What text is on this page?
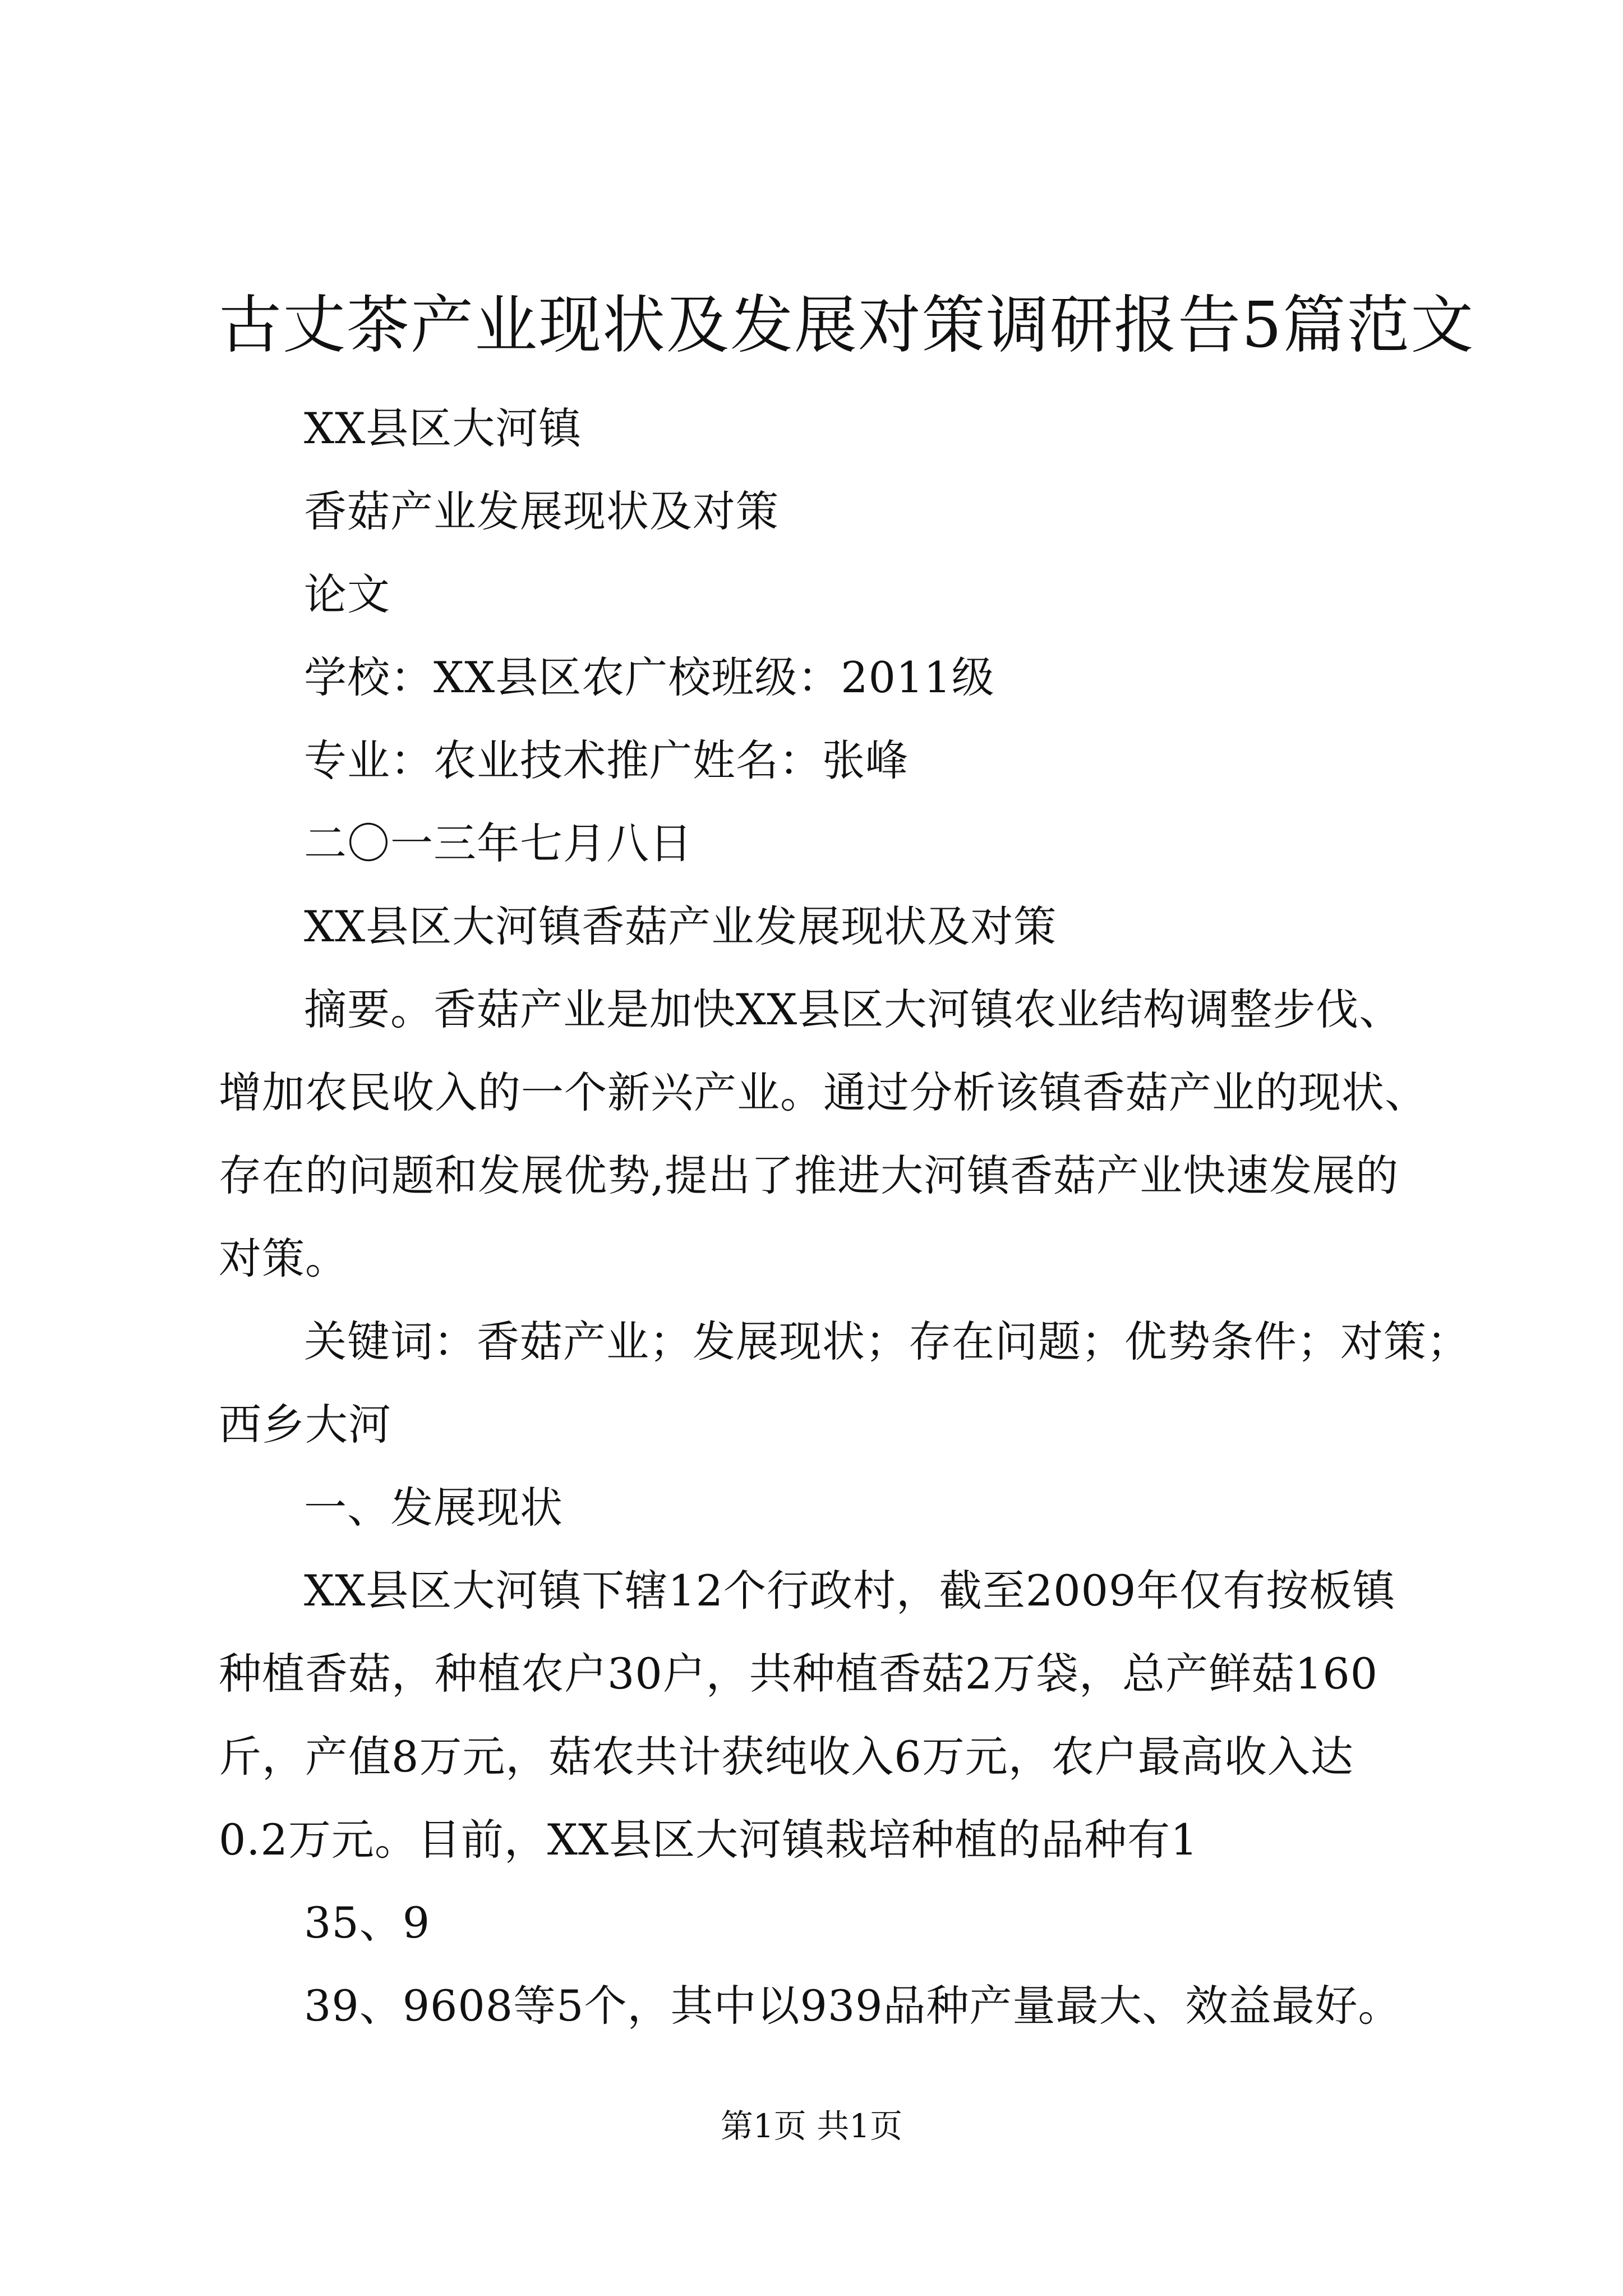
古丈茶产业现状及发展对策调研报告5篇范文

XX县区大河镇

香菇产业发展现状及对策

论文

学校：XX县区农广校班级：2011级

专业：农业技术推广姓名：张峰

二〇一三年七月八日

XX县区大河镇香菇产业发展现状及对策

摘要。香菇产业是加快XX县区大河镇农业结构调整步伐、
增加农民收入的一个新兴产业。通过分析该镇香菇产业的现状、
存在的问题和发展优势,提出了推进大河镇香菇产业快速发展的
对策。
关键词：香菇产业；发展现状；存在问题；优势条件；对策；
西乡大河

一、发展现状

XX县区大河镇下辖12个行政村，截至2009年仅有按板镇
种植香菇，种植农户30户，共种植香菇2万袋，总产鲜菇160
斤，产值8万元，菇农共计获纯收入6万元，农户最高收入达
0.2万元。目前，XX县区大河镇栽培种植的品种有1

35、9

39、9608等5个，其中以939品种产量最大、效益最好。

第1页 共1页
